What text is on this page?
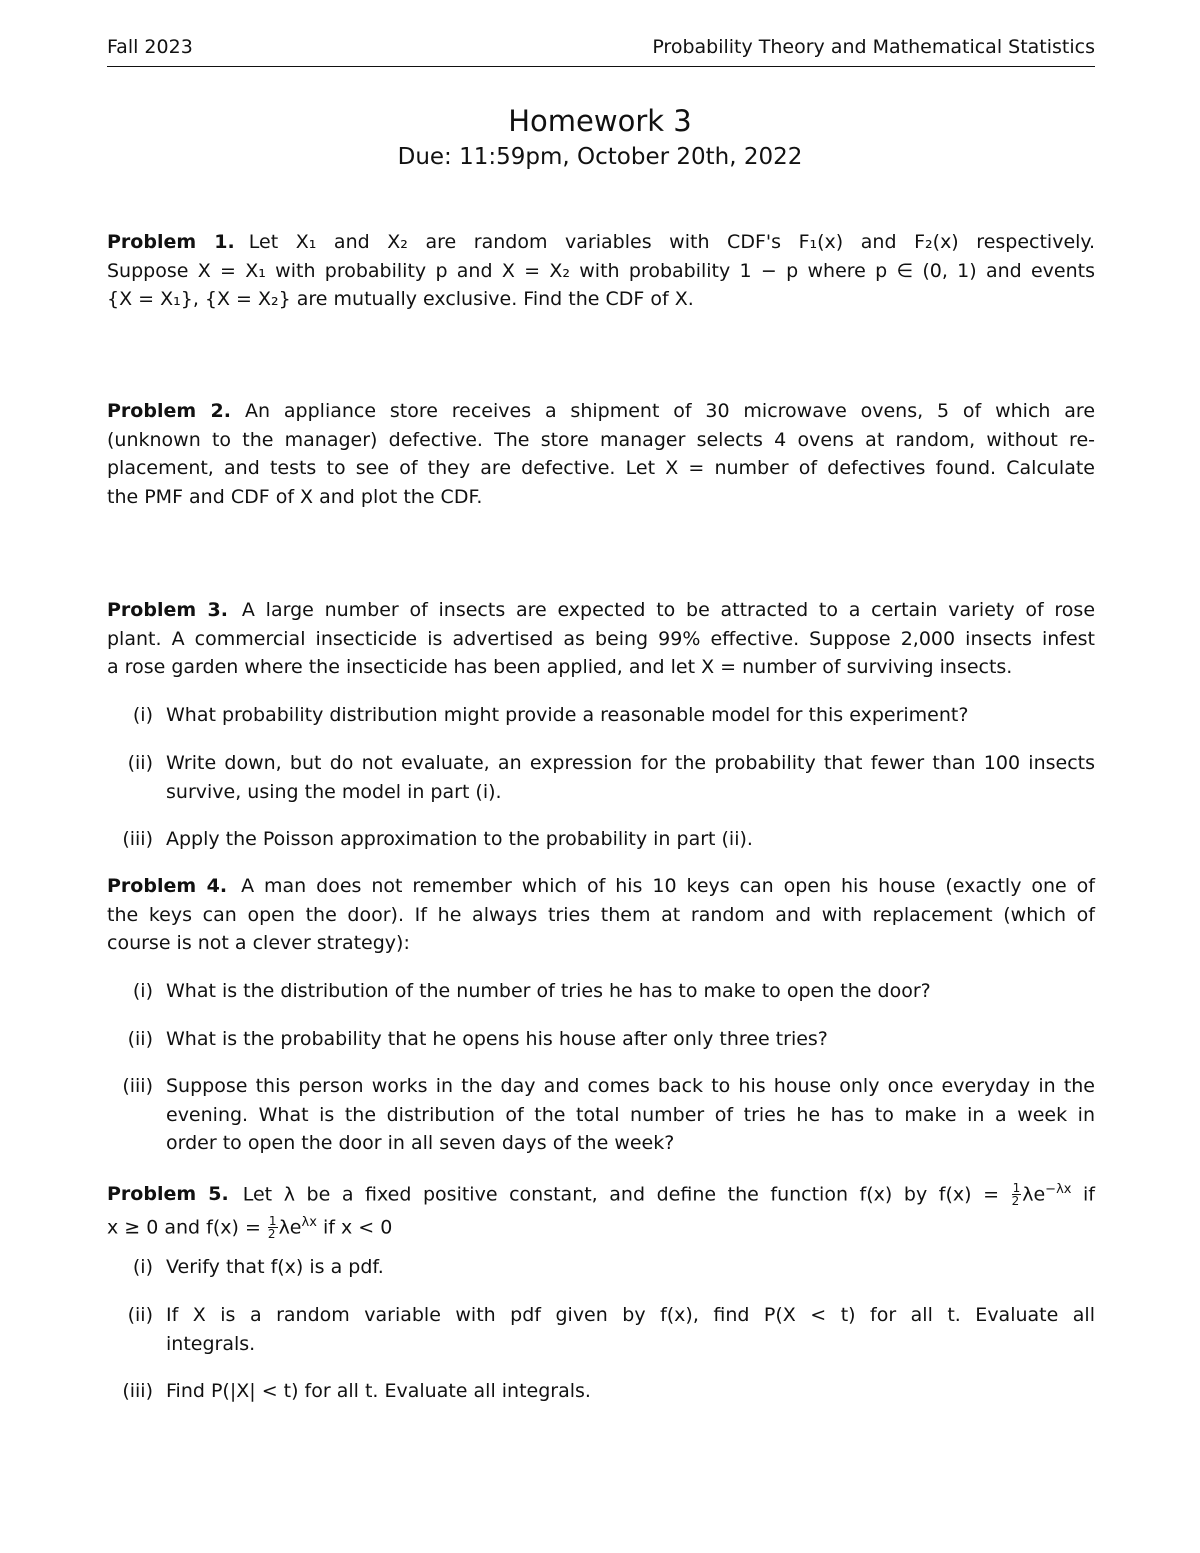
Fall 2023	Probability Theory and Mathematical Statistics
Homework 3
Due: 11:59pm, October 20th, 2022
Problem 1. Let X₁ and X₂ are random variables with CDF's F₁(x) and F₂(x) respectively.
Suppose X = X₁ with probability p and X = X₂ with probability 1 − p where p ∈ (0, 1) and events
{X = X₁}, {X = X₂} are mutually exclusive. Find the CDF of X.
Problem 2. An appliance store receives a shipment of 30 microwave ovens, 5 of which are
(unknown to the manager) defective. The store manager selects 4 ovens at random, without re-
placement, and tests to see of they are defective. Let X = number of defectives found. Calculate
the PMF and CDF of X and plot the CDF.
Problem 3. A large number of insects are expected to be attracted to a certain variety of rose
plant. A commercial insecticide is advertised as being 99% effective. Suppose 2,000 insects infest
a rose garden where the insecticide has been applied, and let X = number of surviving insects.
(i) What probability distribution might provide a reasonable model for this experiment?
(ii) Write down, but do not evaluate, an expression for the probability that fewer than 100 insects
survive, using the model in part (i).
(iii) Apply the Poisson approximation to the probability in part (ii).
Problem 4. A man does not remember which of his 10 keys can open his house (exactly one of
the keys can open the door). If he always tries them at random and with replacement (which of
course is not a clever strategy):
(i) What is the distribution of the number of tries he has to make to open the door?
(ii) What is the probability that he opens his house after only three tries?
(iii) Suppose this person works in the day and comes back to his house only once everyday in the
evening. What is the distribution of the total number of tries he has to make in a week in
order to open the door in all seven days of the week?
Problem 5. Let λ be a fixed positive constant, and define the function f(x) by $f(x) = \frac{1}{2} \lambda e^{-\lambda x}$ if
x ≥ 0 and $f(x) = \frac{1}{2} \lambda e^{\lambda x}$ if x < 0
(i) Verify that f(x) is a pdf.
(ii) If X is a random variable with pdf given by f(x), find P(X < t) for all t. Evaluate all
integrals.
(iii) Find P(|X| < t) for all t. Evaluate all integrals.
